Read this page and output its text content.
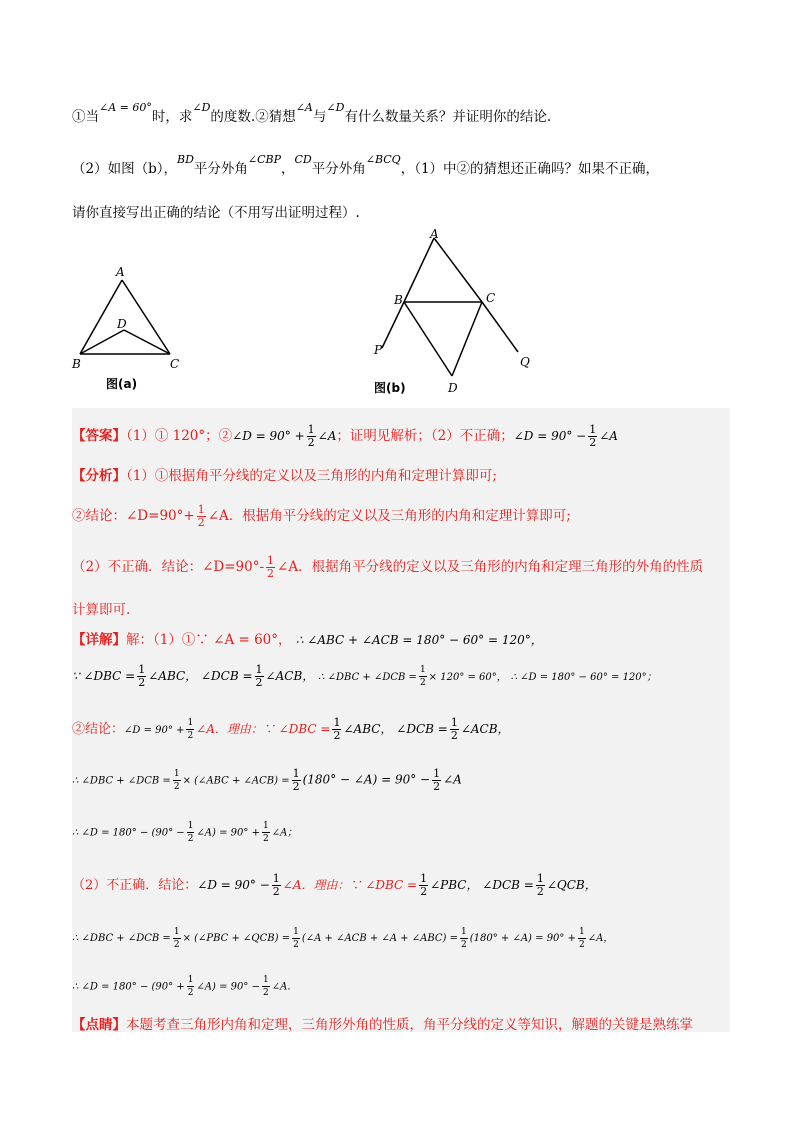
①当$^{\angle A = 60^\circ}$时，求$^{\angle D}$的度数.②猜想$^{\angle A}$与$^{\angle D}$有什么数量关系？并证明你的结论.
（2）如图（b），$^{BD}$平分外角$^{\angle CBP}$，$^{CD}$平分外角$^{\angle BCQ}$，（1）中②的猜想还正确吗？如果不正确，
请你直接写出正确的结论（不用写出证明过程）.
A
D
B	C
图(a)
A
B	C
P
Q
D
图(b)
【答案】（1）① 120°；②∠D = $90^\circ + \frac{1}{2}$ ∠A；证明见解析；（2）不正确；∠D = $90^\circ - \frac{1}{2}$ ∠A
【分析】（1）①根据角平分线的定义以及三角形的内角和定理计算即可;
②结论：∠D=90°+ $\frac{1}{2}$ ∠A．根据角平分线的定义以及三角形的内角和定理计算即可;
（2）不正确．结论：∠D=90°- $\frac{1}{2}$ ∠A．根据角平分线的定义以及三角形的内角和定理三角形的外角的性质
计算即可.
【详解】解：（1）①∵ ∠A = 60°， ∴ ∠ABC + ∠ACB = 180° − 60° = 120°，
∵ ∠DBC = $\frac{1}{2}$ ∠ABC， ∠DCB = $\frac{1}{2}$ ∠ACB， ∴ ∠DBC + ∠DCB = $\frac{1}{2} \times 120^\circ = 60^\circ$， ∴ ∠D = 180° − 60° = 120°；
②结论：∠D = $90^\circ + \frac{1}{2}$ ∠A．理由：∵ ∠DBC = $\frac{1}{2}$ ∠ABC， ∠DCB = $\frac{1}{2}$ ∠ACB，
∴ ∠DBC + ∠DCB = $\frac{1}{2}$ × (∠ABC + ∠ACB) = $\frac{1}{2} (180^\circ$ − ∠A) = $90^\circ - \frac{1}{2}$ ∠A
∴ ∠D = $180^\circ - (90^\circ - \frac{1}{2}$ ∠A) = $90^\circ + \frac{1}{2}$ ∠A；
（2）不正确．结论：∠D = $90^\circ - \frac{1}{2}$ ∠A．理由：∵ ∠DBC = $\frac{1}{2}$ ∠PBC， ∠DCB = $\frac{1}{2}$ ∠QCB，
∴ ∠DBC + ∠DCB = $\frac{1}{2}$ × (∠PBC + ∠QCB) = $\frac{1}{2}$ (∠A + ∠ACB + ∠A + ∠ABC) = $\frac{1}{2} (180^\circ$ + ∠A) = $90^\circ + \frac{1}{2}$ ∠A，
∴ ∠D = $180^\circ - (90^\circ + \frac{1}{2}$ ∠A) = $90^\circ - \frac{1}{2}$ ∠A．
【点睛】本题考查三角形内角和定理，三角形外角的性质，角平分线的定义等知识，解题的关键是熟练掌
